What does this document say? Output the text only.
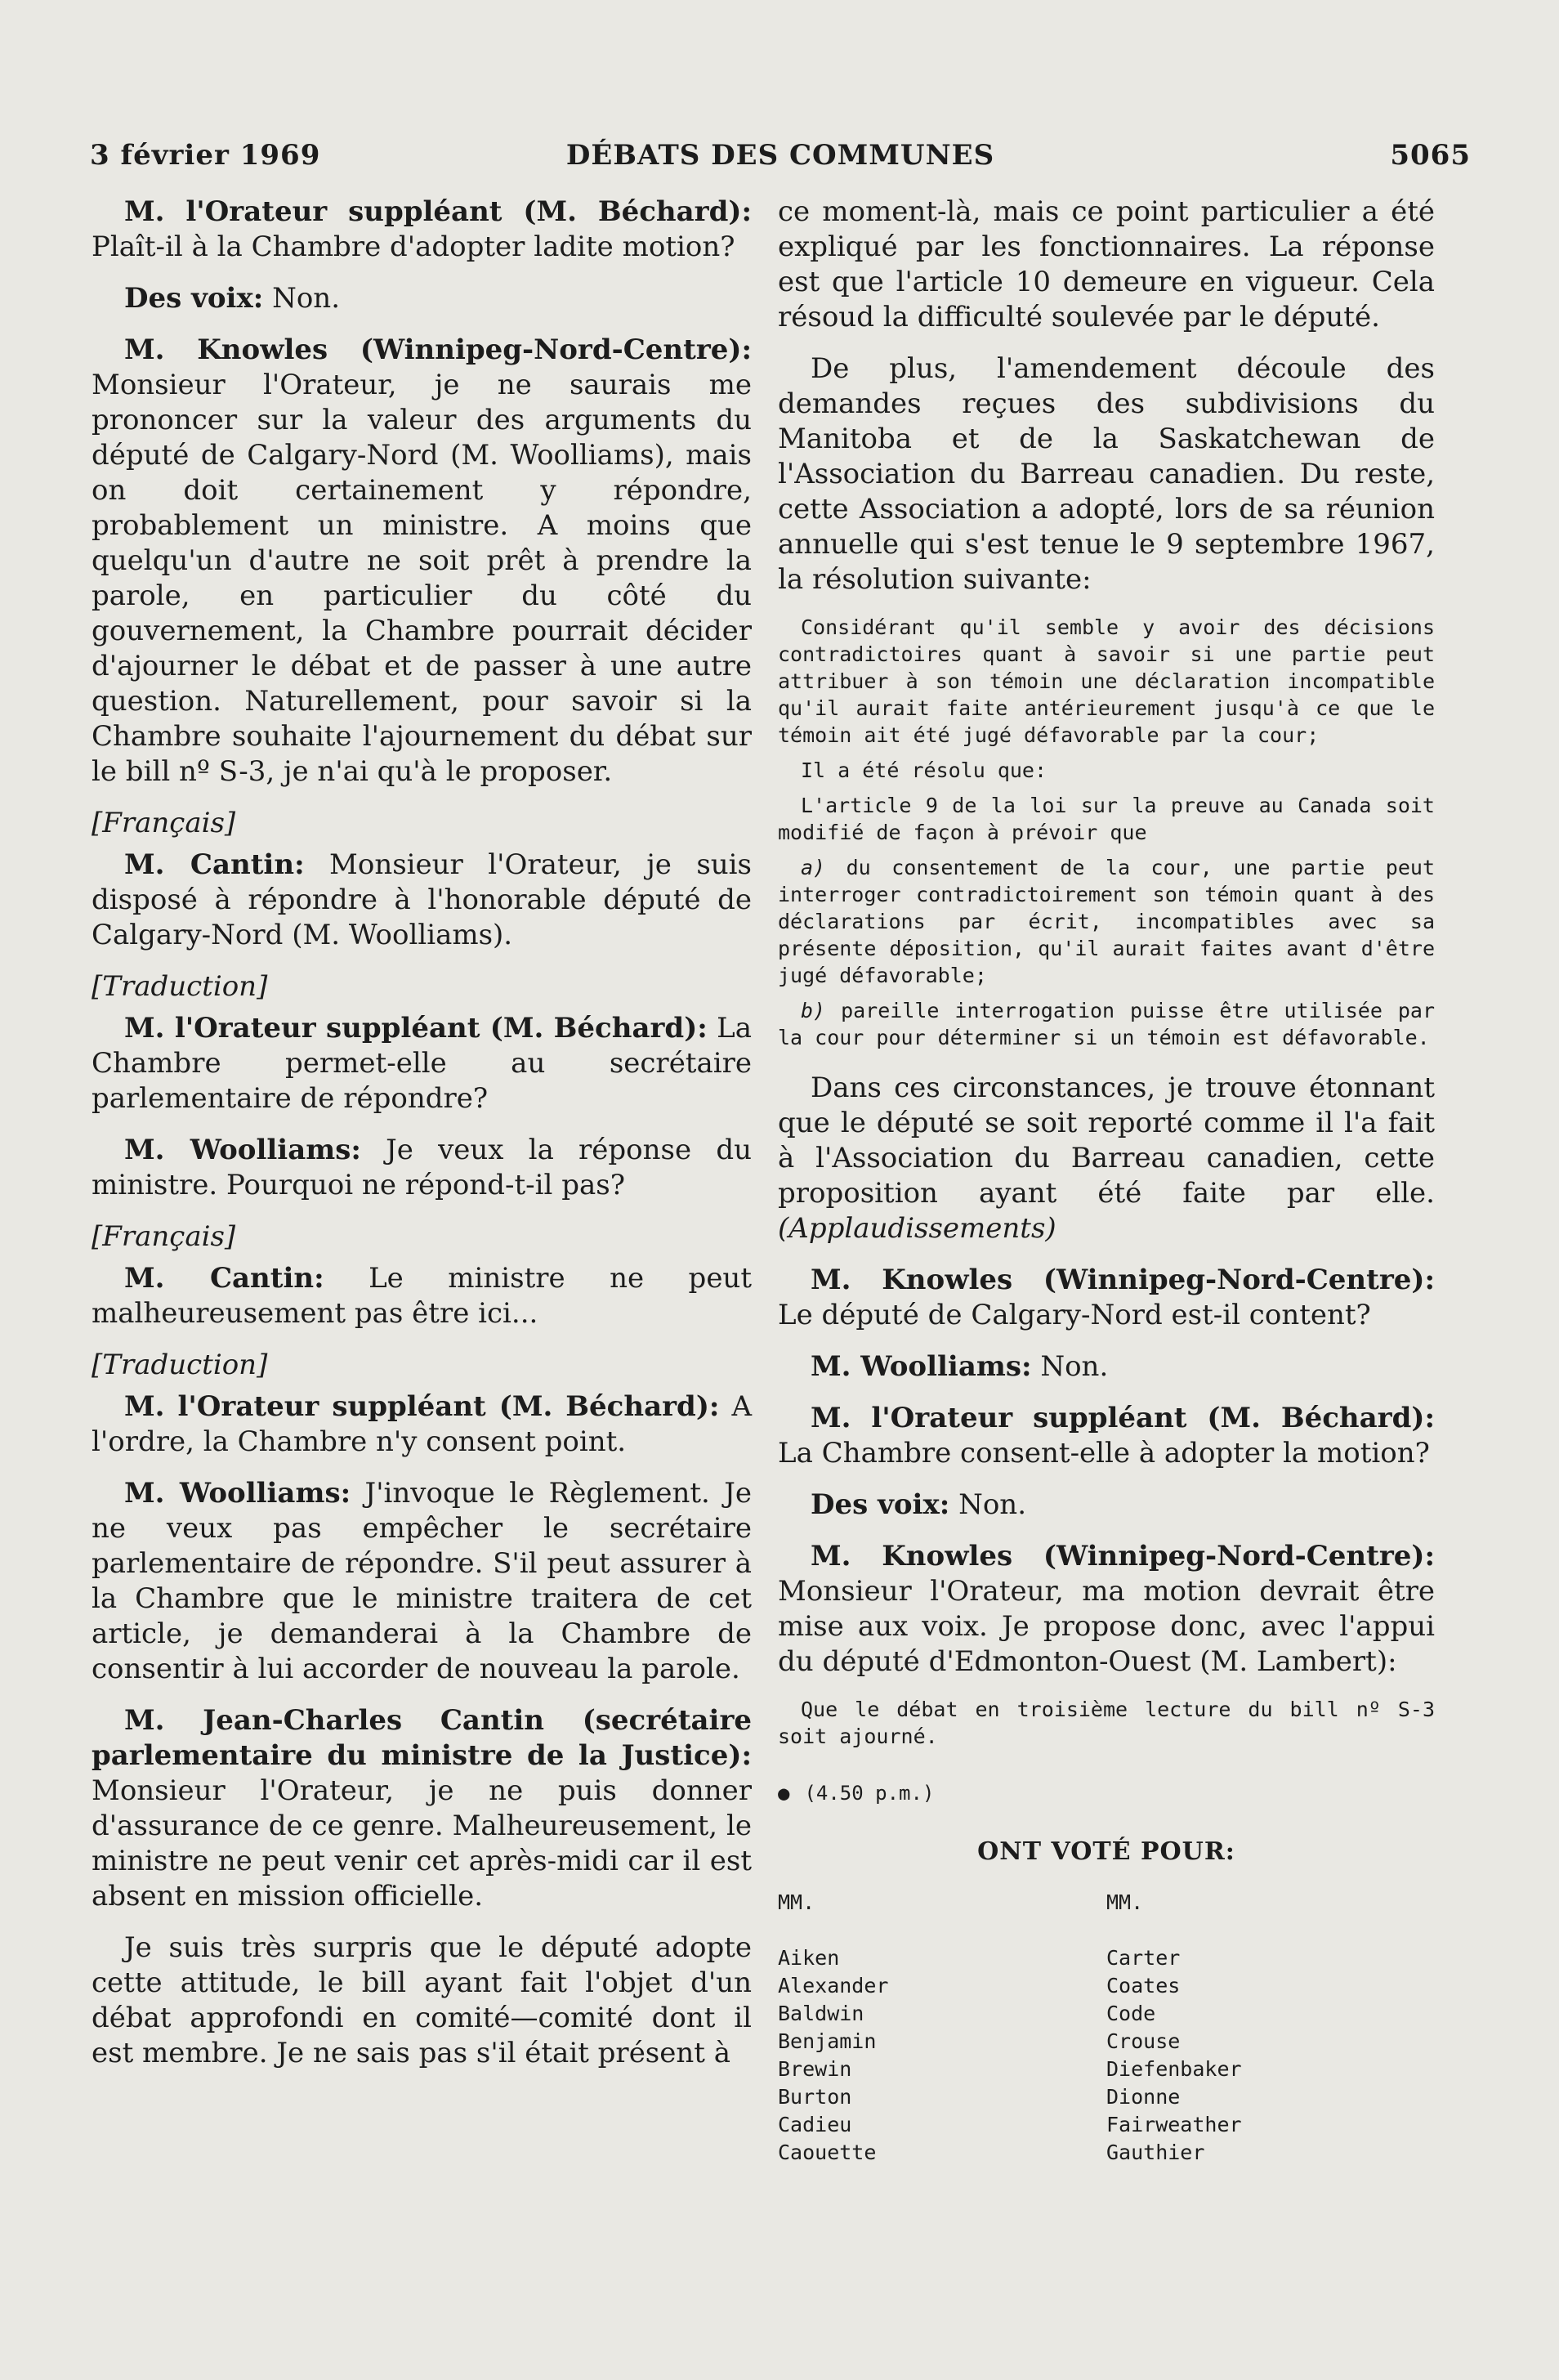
3 février 1969	DÉBATS DES COMMUNES	5065

M. l'Orateur suppléant (M. Béchard): Plaît-il à la Chambre d'adopter ladite motion?

Des voix: Non.

M. Knowles (Winnipeg-Nord-Centre): Monsieur l'Orateur, je ne saurais me prononcer sur la valeur des arguments du député de Calgary-Nord (M. Woolliams), mais on doit certainement y répondre, probablement un ministre. A moins que quelqu'un d'autre ne soit prêt à prendre la parole, en particulier du côté du gouvernement, la Chambre pourrait décider d'ajourner le débat et de passer à une autre question. Naturellement, pour savoir si la Chambre souhaite l'ajournement du débat sur le bill nº S-3, je n'ai qu'à le proposer.

[Français]

M. Cantin: Monsieur l'Orateur, je suis disposé à répondre à l'honorable député de Calgary-Nord (M. Woolliams).

[Traduction]

M. l'Orateur suppléant (M. Béchard): La Chambre permet-elle au secrétaire parlementaire de répondre?

M. Woolliams: Je veux la réponse du ministre. Pourquoi ne répond-t-il pas?

[Français]

M. Cantin: Le ministre ne peut malheureusement pas être ici...

[Traduction]

M. l'Orateur suppléant (M. Béchard): A l'ordre, la Chambre n'y consent point.

M. Woolliams: J'invoque le Règlement. Je ne veux pas empêcher le secrétaire parlementaire de répondre. S'il peut assurer à la Chambre que le ministre traitera de cet article, je demanderai à la Chambre de consentir à lui accorder de nouveau la parole.

M. Jean-Charles Cantin (secrétaire parlementaire du ministre de la Justice): Monsieur l'Orateur, je ne puis donner d'assurance de ce genre. Malheureusement, le ministre ne peut venir cet après-midi car il est absent en mission officielle.

Je suis très surpris que le député adopte cette attitude, le bill ayant fait l'objet d'un débat approfondi en comité—comité dont il est membre. Je ne sais pas s'il était présent à

ce moment-là, mais ce point particulier a été expliqué par les fonctionnaires. La réponse est que l'article 10 demeure en vigueur. Cela résoud la difficulté soulevée par le député.

De plus, l'amendement découle des demandes reçues des subdivisions du Manitoba et de la Saskatchewan de l'Association du Barreau canadien. Du reste, cette Association a adopté, lors de sa réunion annuelle qui s'est tenue le 9 septembre 1967, la résolution suivante:

Considérant qu'il semble y avoir des décisions contradictoires quant à savoir si une partie peut attribuer à son témoin une déclaration incompatible qu'il aurait faite antérieurement jusqu'à ce que le témoin ait été jugé défavorable par la cour;
Il a été résolu que:
L'article 9 de la loi sur la preuve au Canada soit modifié de façon à prévoir que
a) du consentement de la cour, une partie peut interroger contradictoirement son témoin quant à des déclarations par écrit, incompatibles avec sa présente déposition, qu'il aurait faites avant d'être jugé défavorable;
b) pareille interrogation puisse être utilisée par la cour pour déterminer si un témoin est défavorable.

Dans ces circonstances, je trouve étonnant que le député se soit reporté comme il l'a fait à l'Association du Barreau canadien, cette proposition ayant été faite par elle. (Applaudissements)

M. Knowles (Winnipeg-Nord-Centre): Le député de Calgary-Nord est-il content?

M. Woolliams: Non.

M. l'Orateur suppléant (M. Béchard): La Chambre consent-elle à adopter la motion?

Des voix: Non.

M. Knowles (Winnipeg-Nord-Centre): Monsieur l'Orateur, ma motion devrait être mise aux voix. Je propose donc, avec l'appui du député d'Edmonton-Ouest (M. Lambert):

Que le débat en troisième lecture du bill nº S-3 soit ajourné.
● (4.50 p.m.)
ONT VOTÉ POUR:
MM.
Aiken
Alexander
Baldwin
Benjamin
Brewin
Burton
Cadieu
Caouette
MM.
Carter
Coates
Code
Crouse
Diefenbaker
Dionne
Fairweather
Gauthier
